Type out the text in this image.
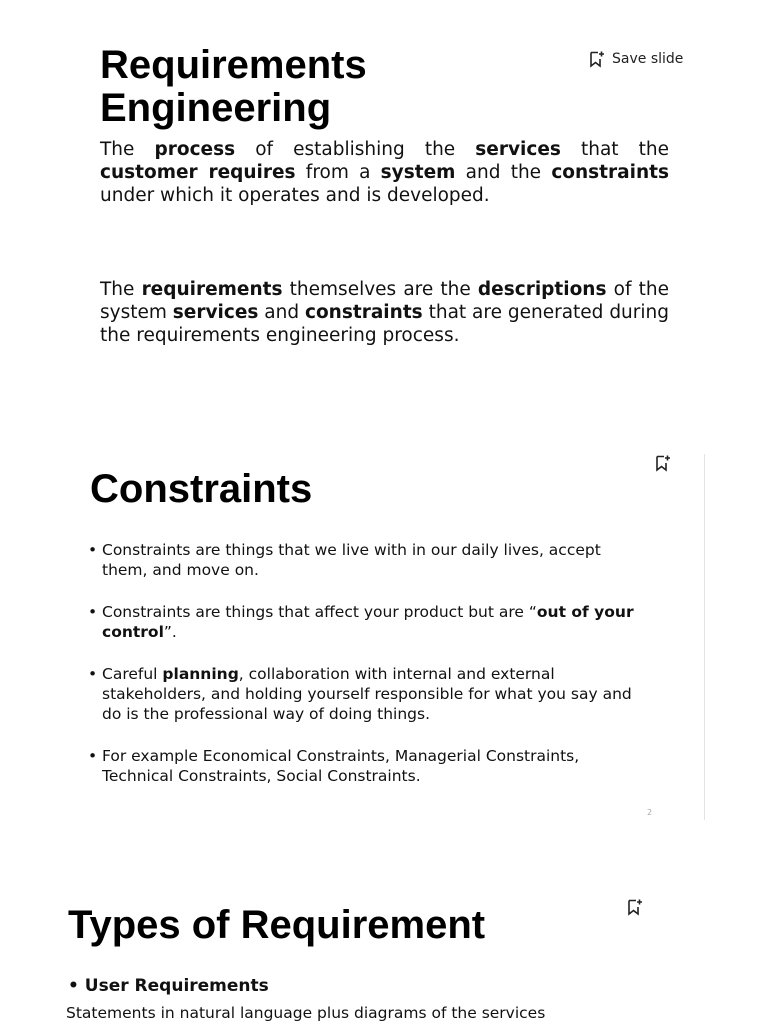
Requirements
Engineering
Save slide

The process of establishing the services that the customer requires from a system and the constraints under which it operates and is developed.

The requirements themselves are the descriptions of the system services and constraints that are generated during the requirements engineering process.

Constraints
• Constraints are things that we live with in our daily lives, accept them, and move on.
• Constraints are things that affect your product but are “out of your control”.
• Careful planning, collaboration with internal and external stakeholders, and holding yourself responsible for what you say and do is the professional way of doing things.
• For example Economical Constraints, Managerial Constraints, Technical Constraints, Social Constraints.
2
Types of Requirement
• User Requirements
Statements in natural language plus diagrams of the services
